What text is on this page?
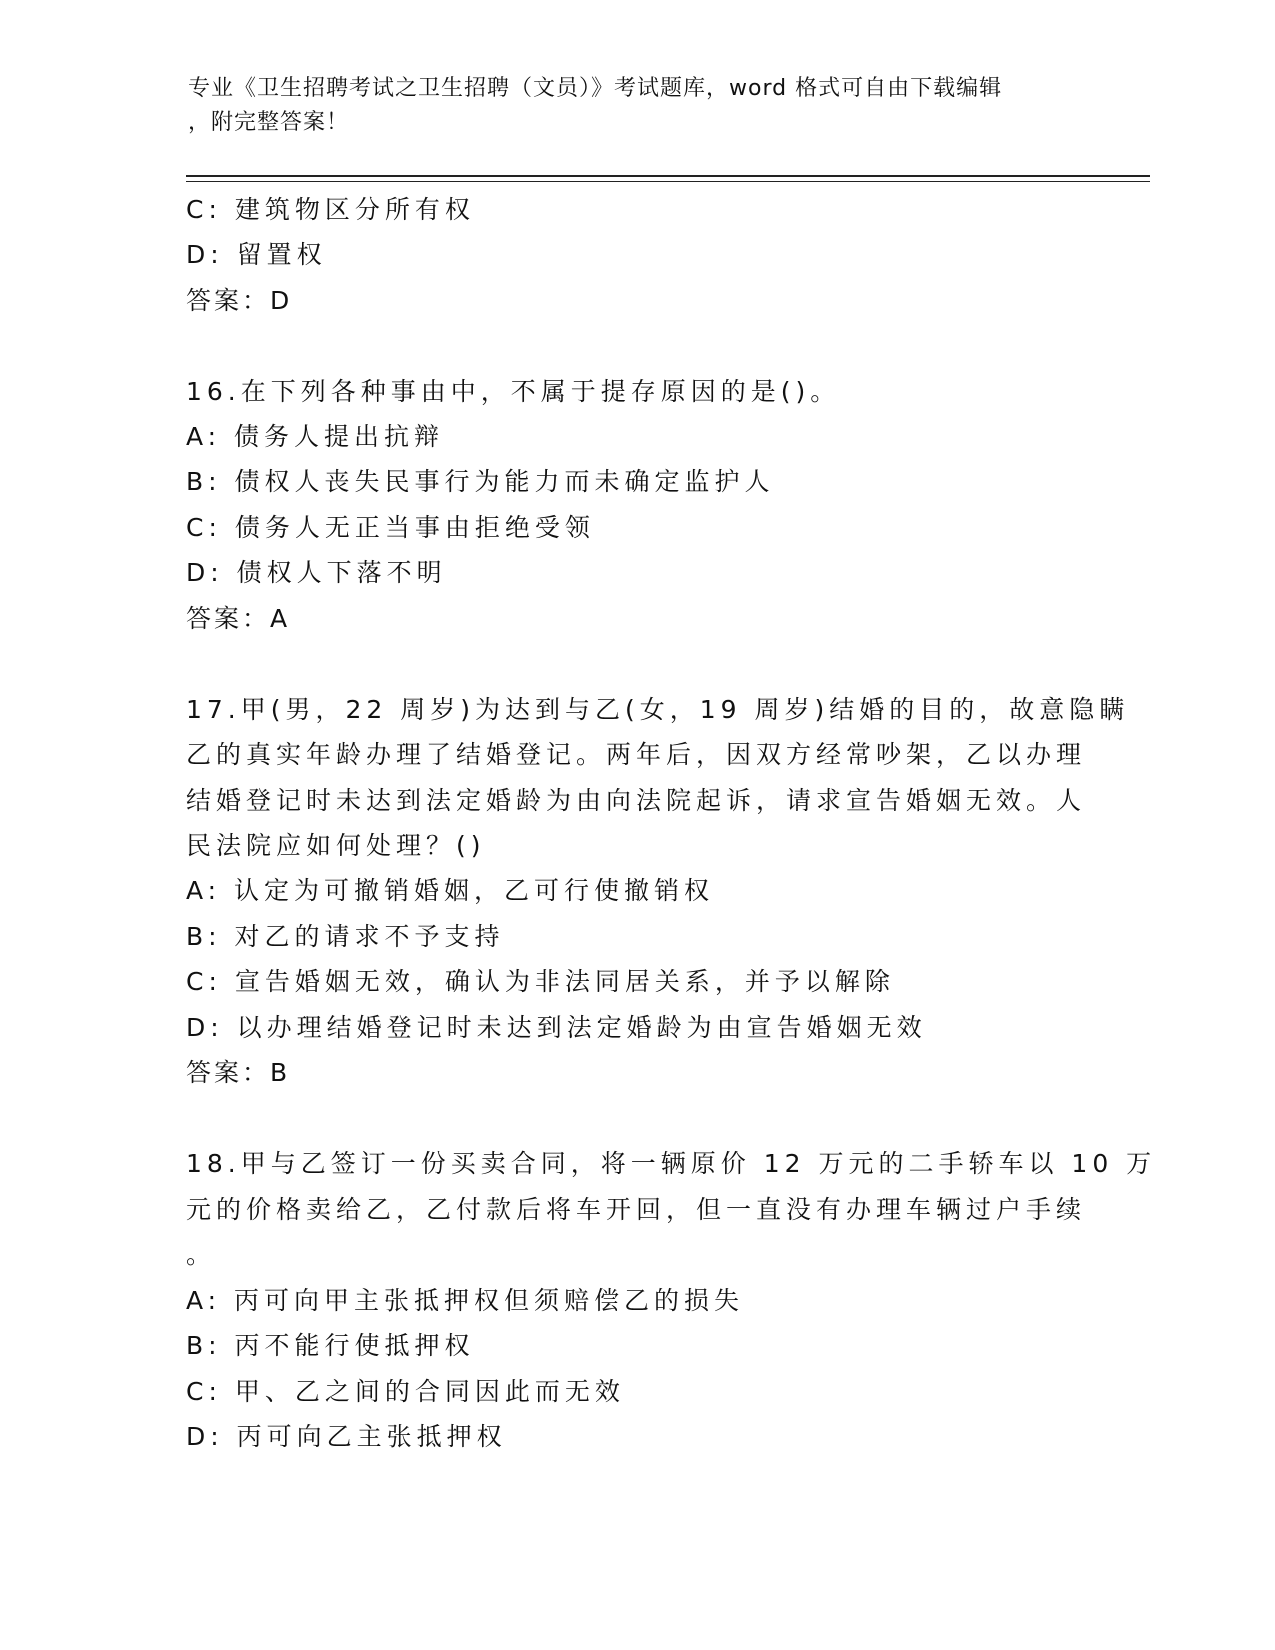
专业《卫生招聘考试之卫生招聘（文员）》考试题库，word 格式可自由下载编辑
，附完整答案！
C: 建筑物区分所有权
D: 留置权
答案：D
16.在下列各种事由中，不属于提存原因的是()。
A: 债务人提出抗辩
B: 债权人丧失民事行为能力而未确定监护人
C: 债务人无正当事由拒绝受领
D: 债权人下落不明
答案：A
17.甲(男，22 周岁)为达到与乙(女，19 周岁)结婚的目的，故意隐瞒
乙的真实年龄办理了结婚登记。两年后，因双方经常吵架，乙以办理
结婚登记时未达到法定婚龄为由向法院起诉，请求宣告婚姻无效。人
民法院应如何处理？()
A: 认定为可撤销婚姻，乙可行使撤销权
B: 对乙的请求不予支持
C: 宣告婚姻无效，确认为非法同居关系，并予以解除
D: 以办理结婚登记时未达到法定婚龄为由宣告婚姻无效
答案：B
18.甲与乙签订一份买卖合同，将一辆原价 12 万元的二手轿车以 10 万
元的价格卖给乙，乙付款后将车开回，但一直没有办理车辆过户手续
。
A: 丙可向甲主张抵押权但须赔偿乙的损失
B: 丙不能行使抵押权
C: 甲、乙之间的合同因此而无效
D: 丙可向乙主张抵押权
